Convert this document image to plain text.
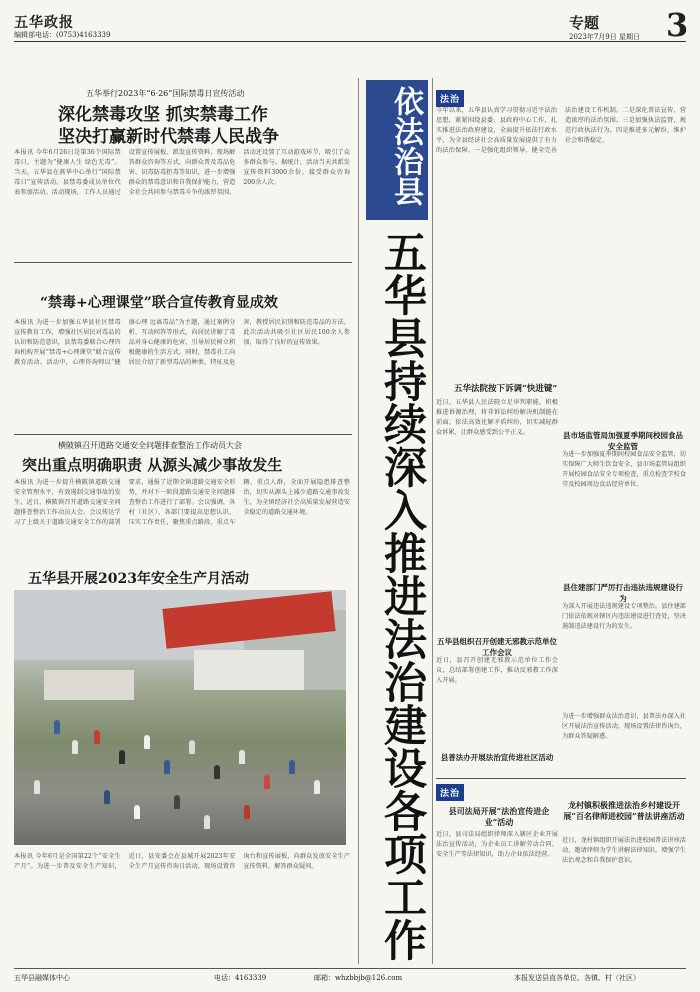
五华政报
编辑部电话：(0753)4163339
专题 3
2023年7月9日 星期日
五华举行2023年“6·26”国际禁毒日宣传活动
深化禁毒攻坚 抓实禁毒工作
坚决打赢新时代禁毒人民战争
本报讯 今年6月26日是第36个国际禁毒日，主题为“健康人生 绿色无毒”。当天，五华县在燕华中心举行“国际禁毒日”宣传活动，县禁毒委成员单位代表参加活动。活动现场，工作人员通过设置宣传展板、派发宣传资料、现场解答群众咨询等方式，向群众普及毒品危害、识毒防毒拒毒等知识，进一步增强群众的禁毒意识和自我保护能力，营造全社会共同参与禁毒斗争的浓厚氛围。活动还设置了互动游戏环节，吸引了众多群众参与。据统计，活动当天共派发宣传资料3000余份，接受群众咨询200余人次。
“禁毒+心理课堂”联合宣传教育显成效
本报讯 为进一步加强五华县社区禁毒宣传教育工作，增强社区居民对毒品的认识和防范意识，县禁毒委联合心理咨询机构开展“禁毒+心理课堂”联合宣传教育活动。活动中，心理咨询师以“健康心理 远离毒品”为主题，通过案例分析、互动问答等形式，向居民讲解了毒品对身心健康的危害，引导居民树立积极健康的生活方式。同时，禁毒社工向居民介绍了新型毒品的种类、特征及危害，教授居民识别和防范毒品的方法。此次活动共吸引社区居民100余人参加，取得了良好的宣传效果。
横陂镇召开道路交通安全问题排查整治工作动员大会
突出重点明确职责 从源头减少事故发生
本报讯 为进一步提升横陂镇道路交通安全管理水平，有效遏制交通事故的发生，近日，横陂镇召开道路交通安全问题排查整治工作动员大会。会议传达学习了上级关于道路交通安全工作的部署要求，通报了近期全镇道路交通安全形势，并对下一阶段道路交通安全问题排查整治工作进行了部署。会议强调，各村（社区）、各部门要提高思想认识，压实工作责任，聚焦重点路段、重点车辆、重点人群，全面开展隐患排查整治，切实从源头上减少道路交通事故发生，为全镇经济社会高质量发展营造安全稳定的道路交通环境。
五华县开展2023年安全生产月活动
本报讯 今年6月是全国第22个“安全生产月”。为进一步普及安全生产知识，近日，县安委会在县城开展2023年安全生产月宣传咨询日活动，现场设置咨询台和宣传展板，向群众发放安全生产宣传资料，解答群众疑问。
依法治县
五华县持续深入推进法治建设各项工作
法治
今年以来，五华县认真学习贯彻习近平法治思想，紧紧围绕县委、县政府中心工作，扎实推进法治政府建设，全面提升依法行政水平，为全县经济社会高质量发展提供了有力的法治保障。一是强化组织领导，健全完善法治建设工作机制。二是深化普法宣传，营造浓厚的法治氛围。三是加强执法监督，规范行政执法行为。四是推进多元解纷，维护社会和谐稳定。
五华法院按下诉调“快进键”
近日，五华县人民法院立足审判职能，积极推进诉源治理，将非诉讼纠纷解决机制挺在前面，依法高效化解矛盾纠纷，切实减轻群众诉累，让群众感受到公平正义。	县市场监管局加强夏季期间校园食品安全监管
为进一步加强夏季期间校园食品安全监管，切实保障广大师生饮食安全，县市场监管局组织开展校园食品安全专项检查，重点检查学校食堂及校园周边食品经营单位。
县住建部门严厉打击违法违规建设行为
为深入开展违法违规建设专项整治，县住建部门依法依规对辖区内违法建设进行查处，坚决遏制违法建设行为的发生。
五华县组织召开创建无邪教示范单位工作会议
近日，县召开创建无邪教示范单位工作会议，总结部署创建工作，推动反邪教工作深入开展。
县普法办开展法治宣传进社区活动
为进一步增强群众法治意识，县普法办深入社区开展法治宣传活动，现场设置法律咨询台，为群众答疑解惑。
法治
县司法局开展“法治宣传进企业”活动
近日，县司法局组织律师深入辖区企业开展法治宣传活动，为企业员工讲解劳动合同、安全生产等法律知识，助力企业依法经营。
龙村镇积极推进法治乡村建设开展“百名律师进校园”普法讲座活动
近日，龙村镇组织开展法治进校园普法讲座活动，邀请律师为学生讲解法律知识，增强学生法治观念和自我保护意识。
五华县融媒体中心	电话：4163339	邮箱：whzbbjb@126.com	本报发送县直各单位、各镇、村（社区）
